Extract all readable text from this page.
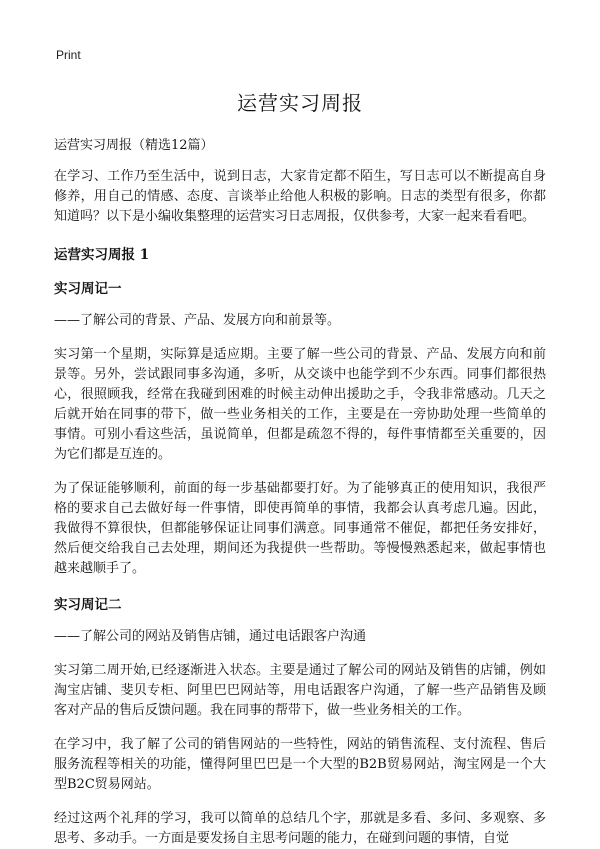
Print
运营实习周报
运营实习周报（精选12篇）

在学习、工作乃至生活中，说到日志，大家肯定都不陌生，写日志可以不断提高自身修养，用自己的情感、态度、言谈举止给他人积极的影响。日志的类型有很多，你都知道吗？以下是小编收集整理的运营实习日志周报，仅供参考，大家一起来看看吧。

运营实习周报 1
实习周记一

——了解公司的背景、产品、发展方向和前景等。

实习第一个星期，实际算是适应期。主要了解一些公司的背景、产品、发展方向和前景等。另外，尝试跟同事多沟通，多听，从交谈中也能学到不少东西。同事们都很热心，很照顾我，经常在我碰到困难的时候主动伸出援助之手，令我非常感动。几天之后就开始在同事的带下，做一些业务相关的工作，主要是在一旁协助处理一些简单的事情。可别小看这些活，虽说简单，但都是疏忽不得的，每件事情都至关重要的，因为它们都是互连的。

为了保证能够顺利，前面的每一步基础都要打好。为了能够真正的使用知识，我很严格的要求自己去做好每一件事情，即使再简单的事情，我都会认真考虑几遍。因此，我做得不算很快，但都能够保证让同事们满意。同事通常不催促，都把任务安排好，然后便交给我自己去处理，期间还为我提供一些帮助。等慢慢熟悉起来，做起事情也越来越顺手了。

实习周记二

——了解公司的网站及销售店铺，通过电话跟客户沟通

实习第二周开始,已经逐渐进入状态。主要是通过了解公司的网站及销售的店铺，例如淘宝店铺、斐贝专柜、阿里巴巴网站等，用电话跟客户沟通，了解一些产品销售及顾客对产品的售后反馈问题。我在同事的帮带下，做一些业务相关的工作。

在学习中，我了解了公司的销售网站的一些特性，网站的销售流程、支付流程、售后服务流程等相关的功能，懂得阿里巴巴是一个大型的B2B贸易网站，淘宝网是一个大型B2C贸易网站。

经过这两个礼拜的学习，我可以简单的总结几个字，那就是多看、多问、多观察、多思考、多动手。一方面是要发扬自主思考问题的能力，在碰到问题的事情，自觉
